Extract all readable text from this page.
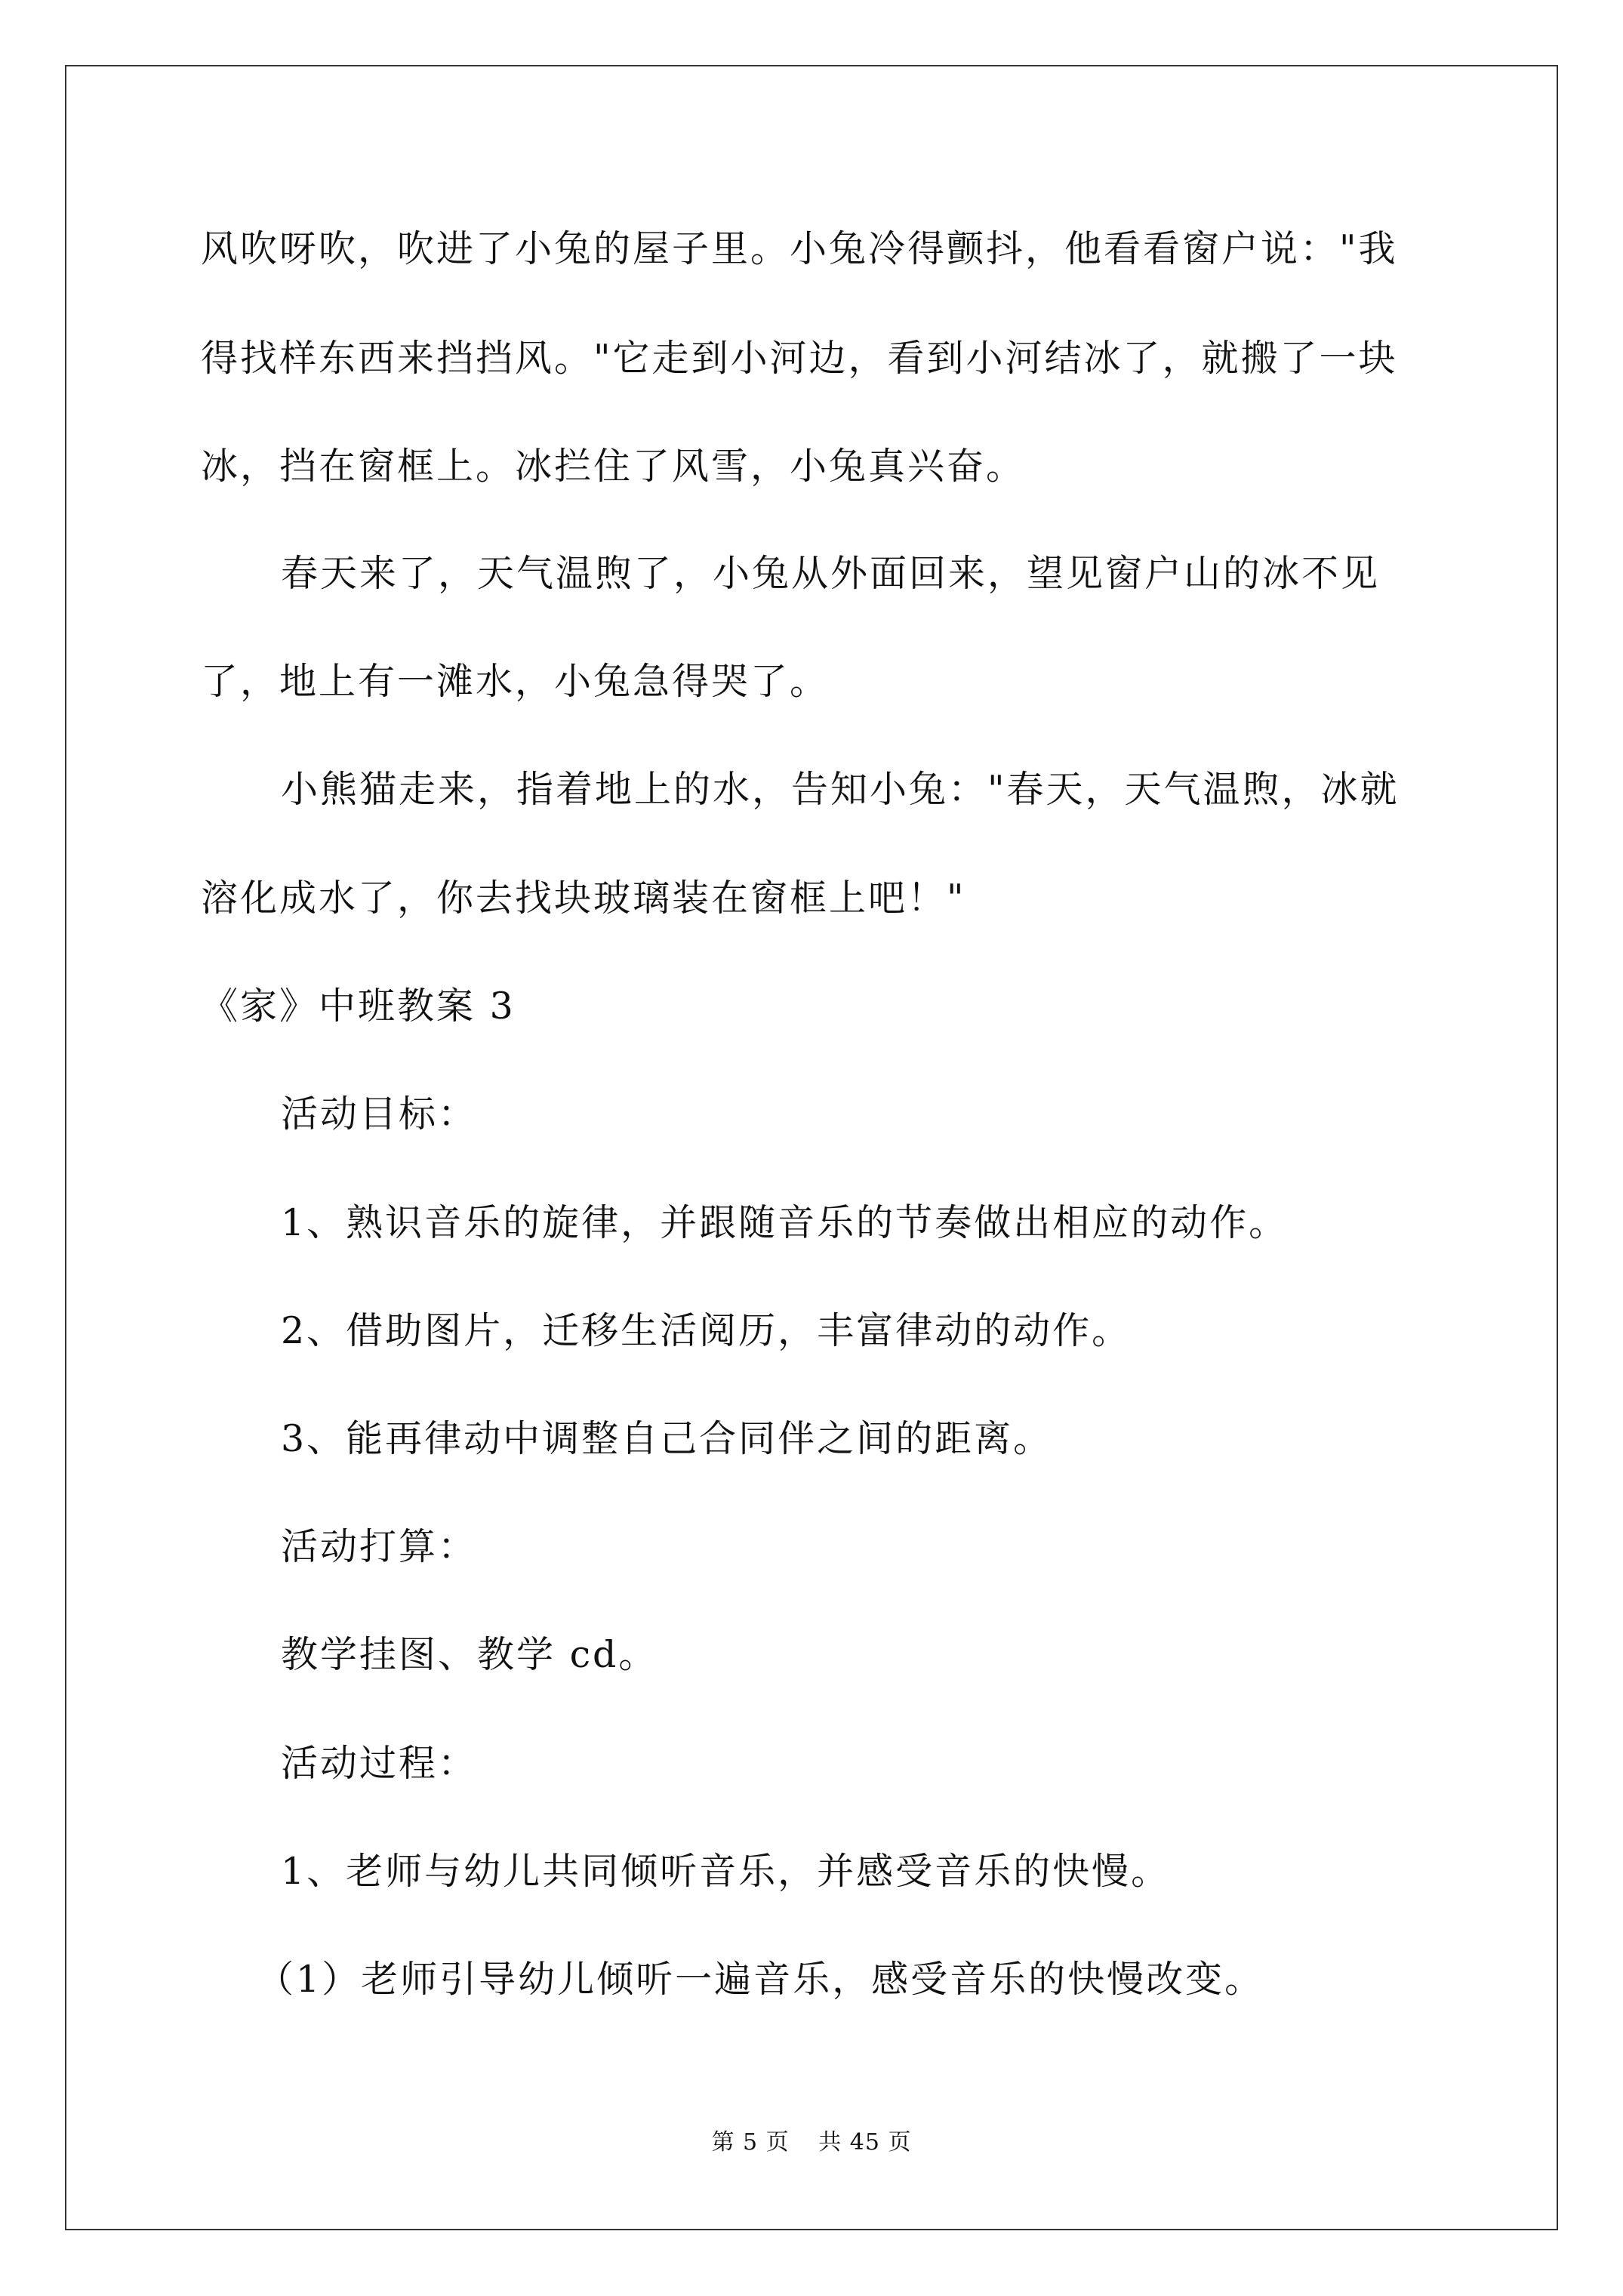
风吹呀吹，吹进了小兔的屋子里。小兔冷得颤抖，他看看窗户说："我
得找样东西来挡挡风。"它走到小河边，看到小河结冰了，就搬了一块
冰，挡在窗框上。冰拦住了风雪，小兔真兴奋。
春天来了，天气温煦了，小兔从外面回来，望见窗户山的冰不见
了，地上有一滩水，小兔急得哭了。
小熊猫走来，指着地上的水，告知小兔："春天，天气温煦，冰就
溶化成水了，你去找块玻璃装在窗框上吧！"
《家》中班教案 3
活动目标：
1、熟识音乐的旋律，并跟随音乐的节奏做出相应的动作。
2、借助图片，迁移生活阅历，丰富律动的动作。
3、能再律动中调整自己合同伴之间的距离。
活动打算：
教学挂图、教学 cd。
活动过程：
1、老师与幼儿共同倾听音乐，并感受音乐的快慢。
（1）老师引导幼儿倾听一遍音乐，感受音乐的快慢改变。
第 5 页 共 45 页
